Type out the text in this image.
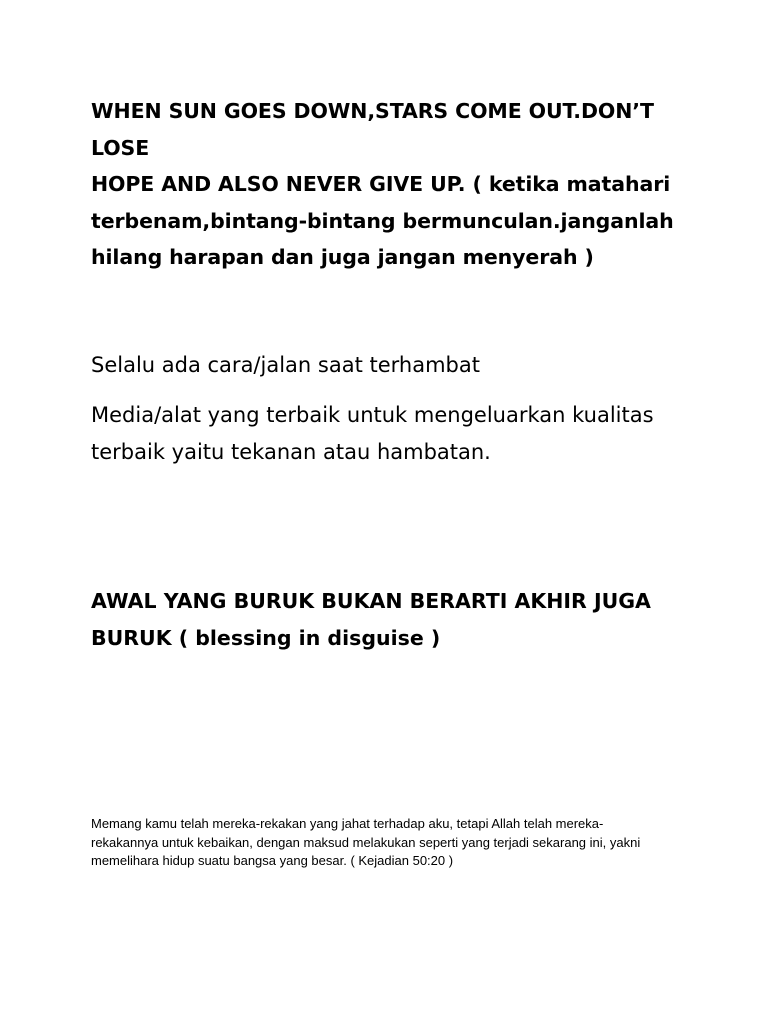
WHEN SUN GOES DOWN,STARS COME OUT.DON’T LOSE
HOPE AND ALSO NEVER GIVE UP. ( ketika matahari
terbenam,bintang-bintang bermunculan.janganlah
hilang harapan dan juga jangan menyerah )

Selalu ada cara/jalan saat terhambat

Media/alat yang terbaik untuk mengeluarkan kualitas
terbaik yaitu tekanan atau hambatan.

AWAL YANG BURUK BUKAN BERARTI AKHIR JUGA
BURUK ( blessing in disguise )

Memang kamu telah mereka-rekakan yang jahat terhadap aku, tetapi Allah telah mereka-
rekakannya untuk kebaikan, dengan maksud melakukan seperti yang terjadi sekarang ini, yakni
memelihara hidup suatu bangsa yang besar. ( Kejadian 50:20 )
